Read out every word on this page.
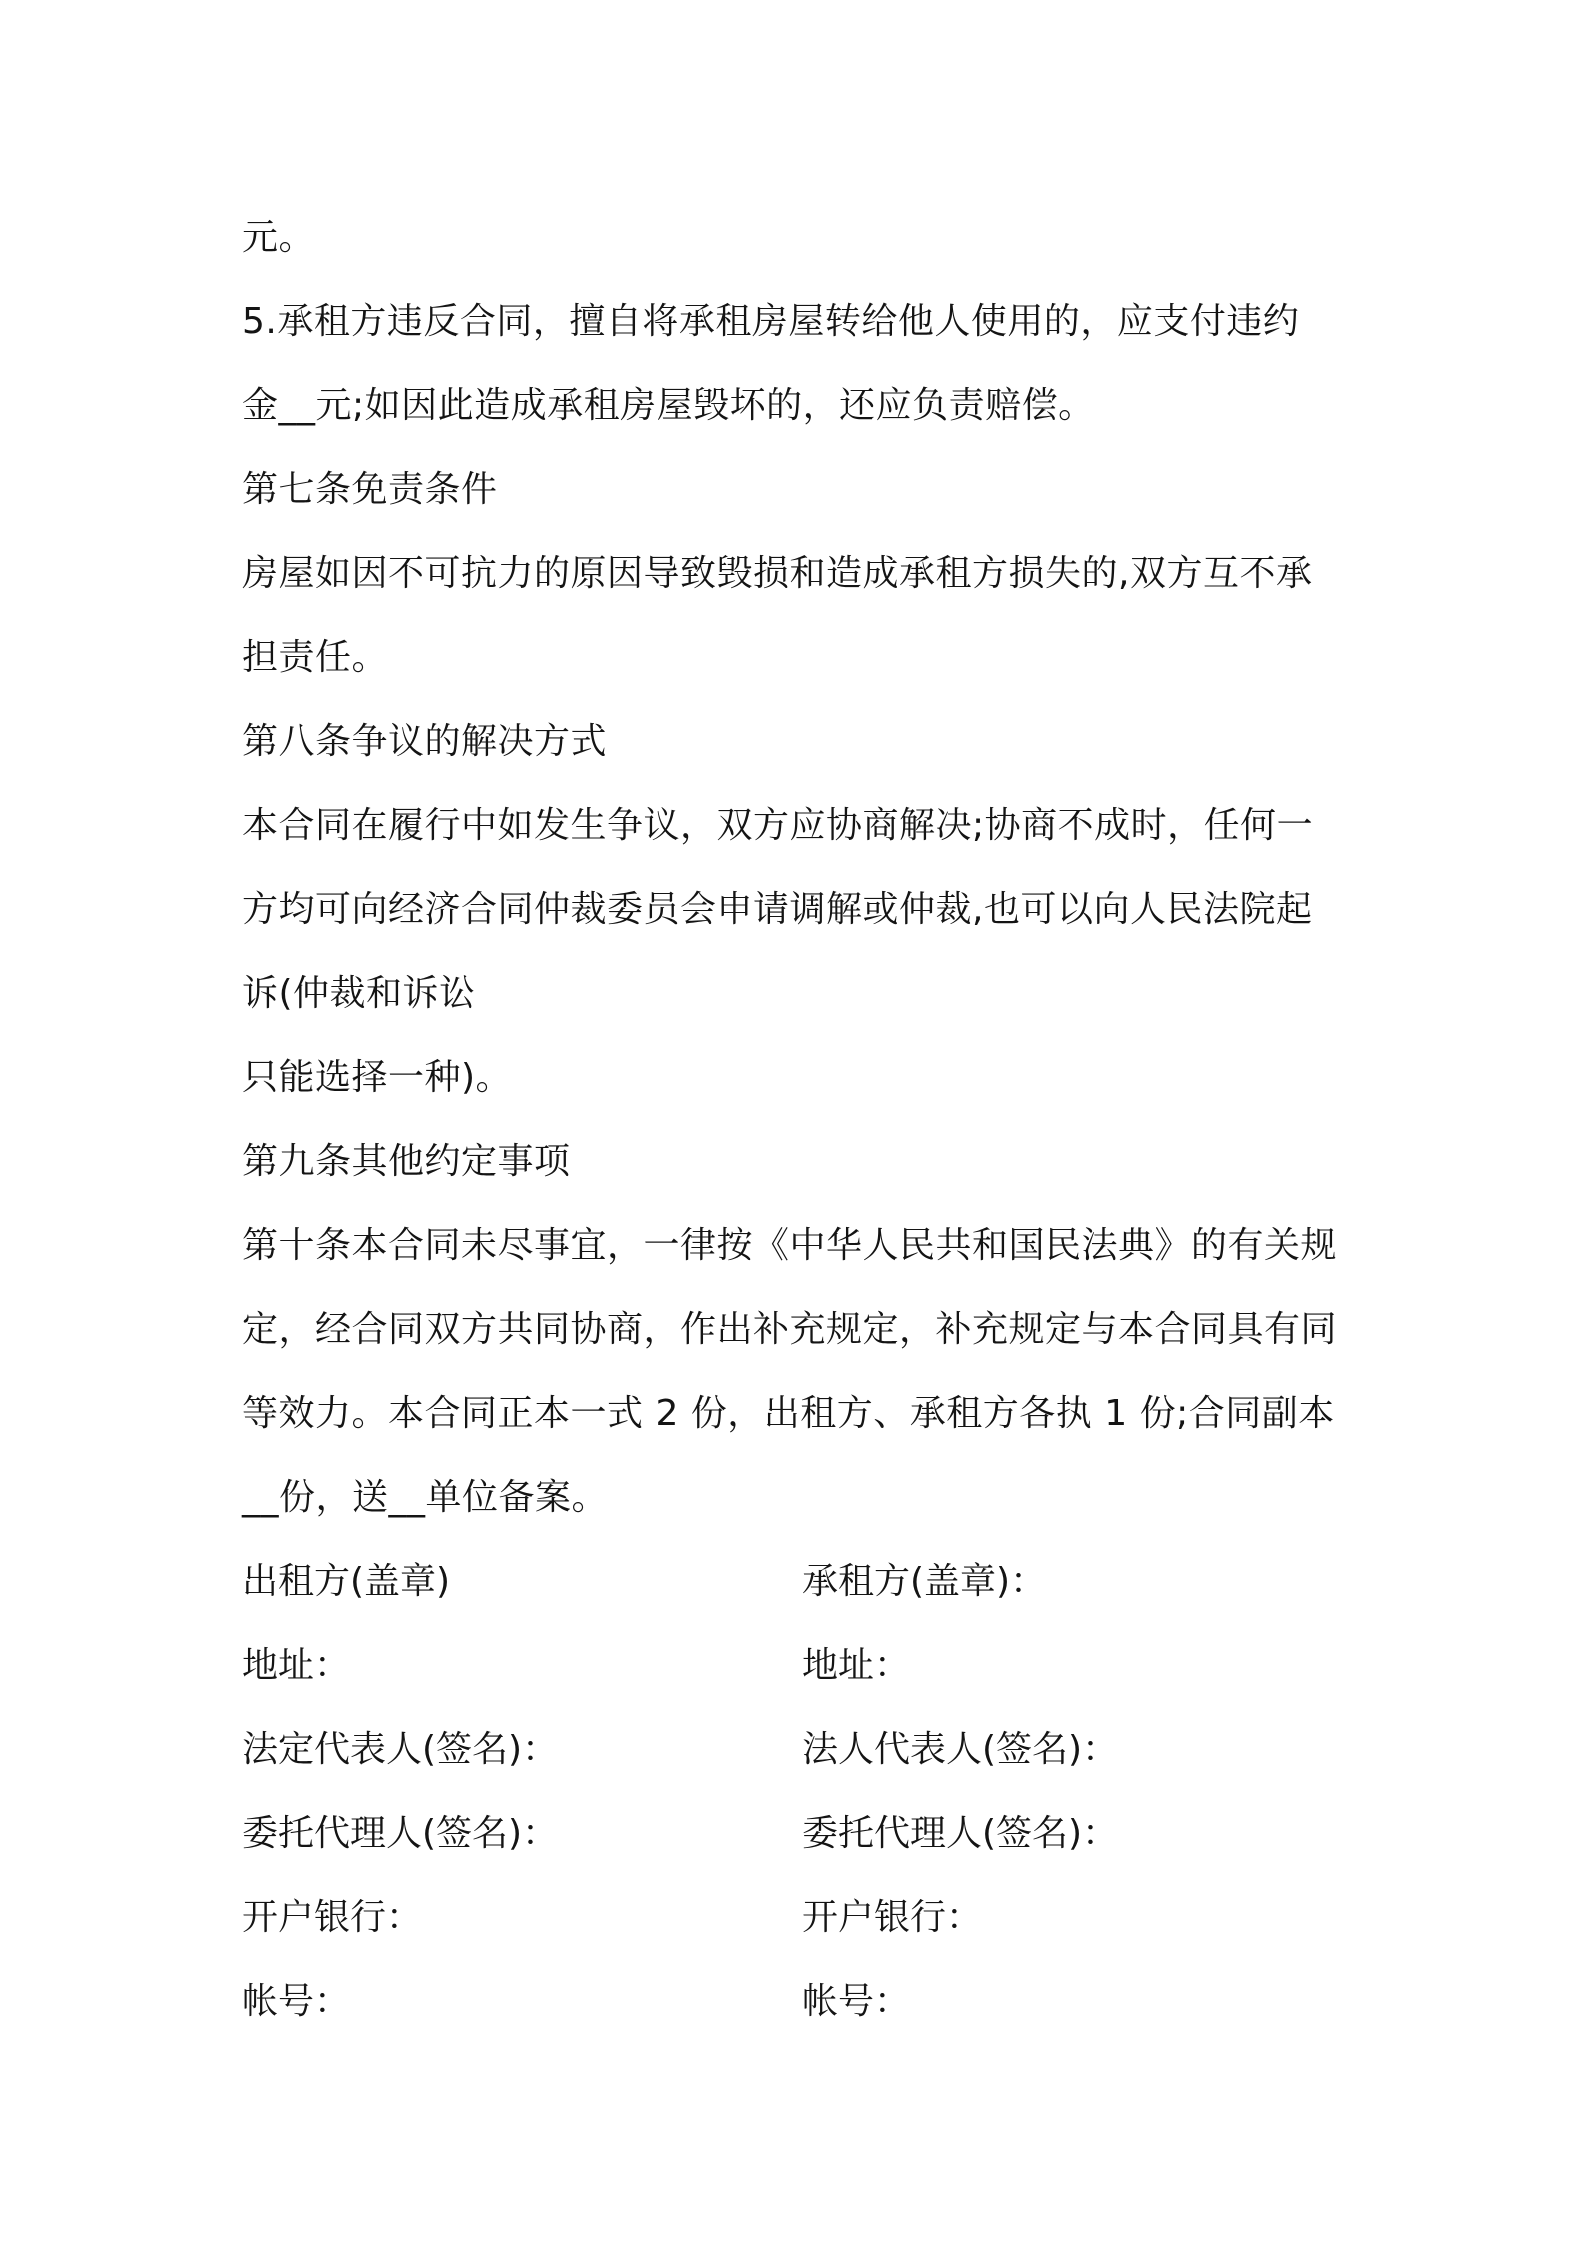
元。
5.承租方违反合同，擅自将承租房屋转给他人使用的，应支付违约
金__元;如因此造成承租房屋毁坏的，还应负责赔偿。
第七条免责条件
房屋如因不可抗力的原因导致毁损和造成承租方损失的,双方互不承
担责任。
第八条争议的解决方式
本合同在履行中如发生争议，双方应协商解决;协商不成时，任何一
方均可向经济合同仲裁委员会申请调解或仲裁,也可以向人民法院起
诉(仲裁和诉讼
只能选择一种)。
第九条其他约定事项
第十条本合同未尽事宜，一律按《中华人民共和国民法典》的有关规
定，经合同双方共同协商，作出补充规定，补充规定与本合同具有同
等效力。本合同正本一式 2 份，出租方、承租方各执 1 份;合同副本
__份，送__单位备案。
出租方(盖章)	承租方(盖章)：
地址：	地址：
法定代表人(签名)：	法人代表人(签名)：
委托代理人(签名)：	委托代理人(签名)：
开户银行：	开户银行：
帐号：	帐号：
